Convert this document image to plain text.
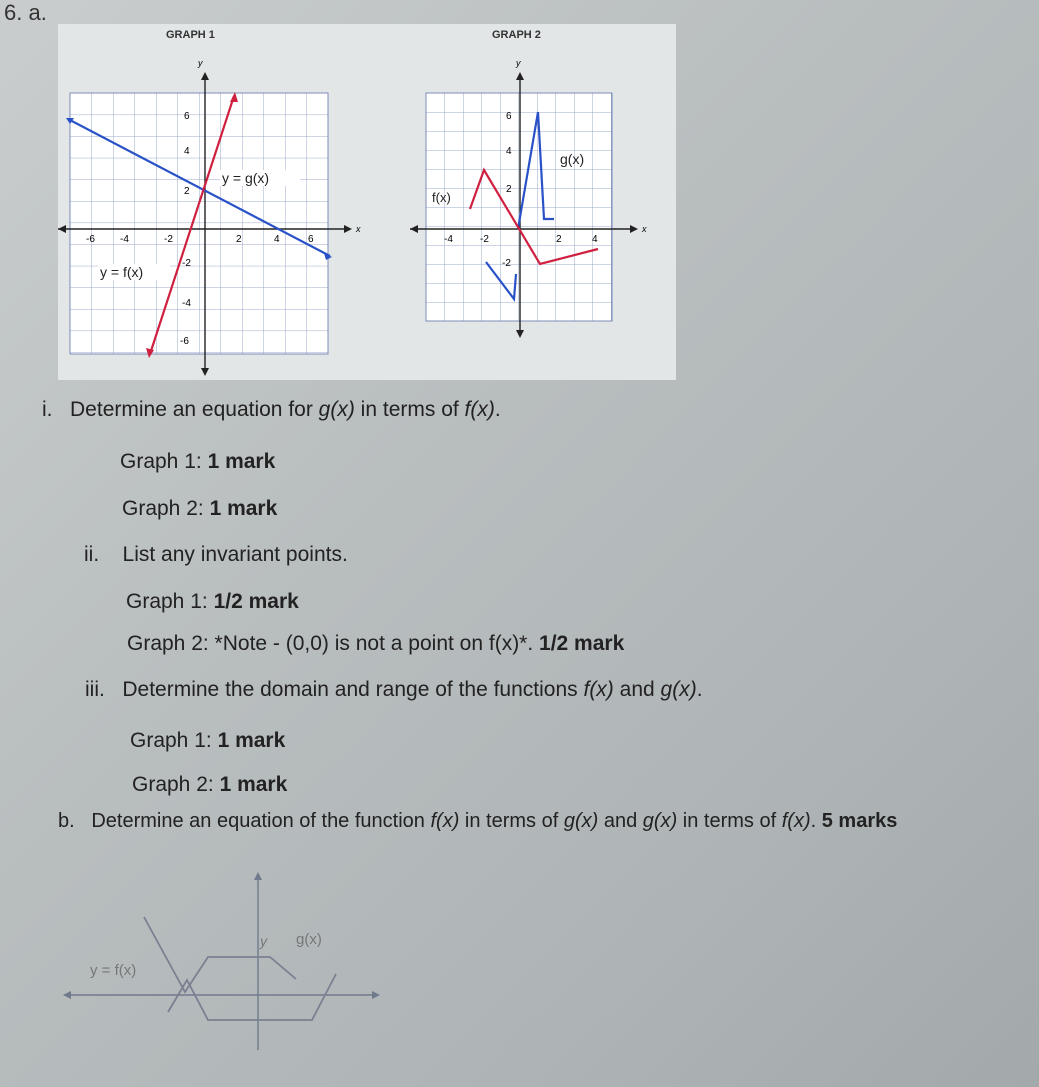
6. a.
GRAPH 1
y
x
-6	-4	-2	2	4	6
6
4
2
-2
-4
-6
y = g(x)
y = f(x)
GRAPH 2
y
x
-4	-2	2	4
6
4
2
-2
g(x)
f(x)
i. Determine an equation for g(x) in terms of f(x).
Graph 1: 1 mark
Graph 2: 1 mark
ii. List any invariant points.
Graph 1: 1/2 mark
Graph 2: *Note - (0,0) is not a point on f(x)*. 1/2 mark
iii. Determine the domain and range of the functions f(x) and g(x).
Graph 1: 1 mark
Graph 2: 1 mark
b. Determine an equation of the function f(x) in terms of g(x) and g(x) in terms of f(x). 5 marks
y = f(x)
y g(x)
